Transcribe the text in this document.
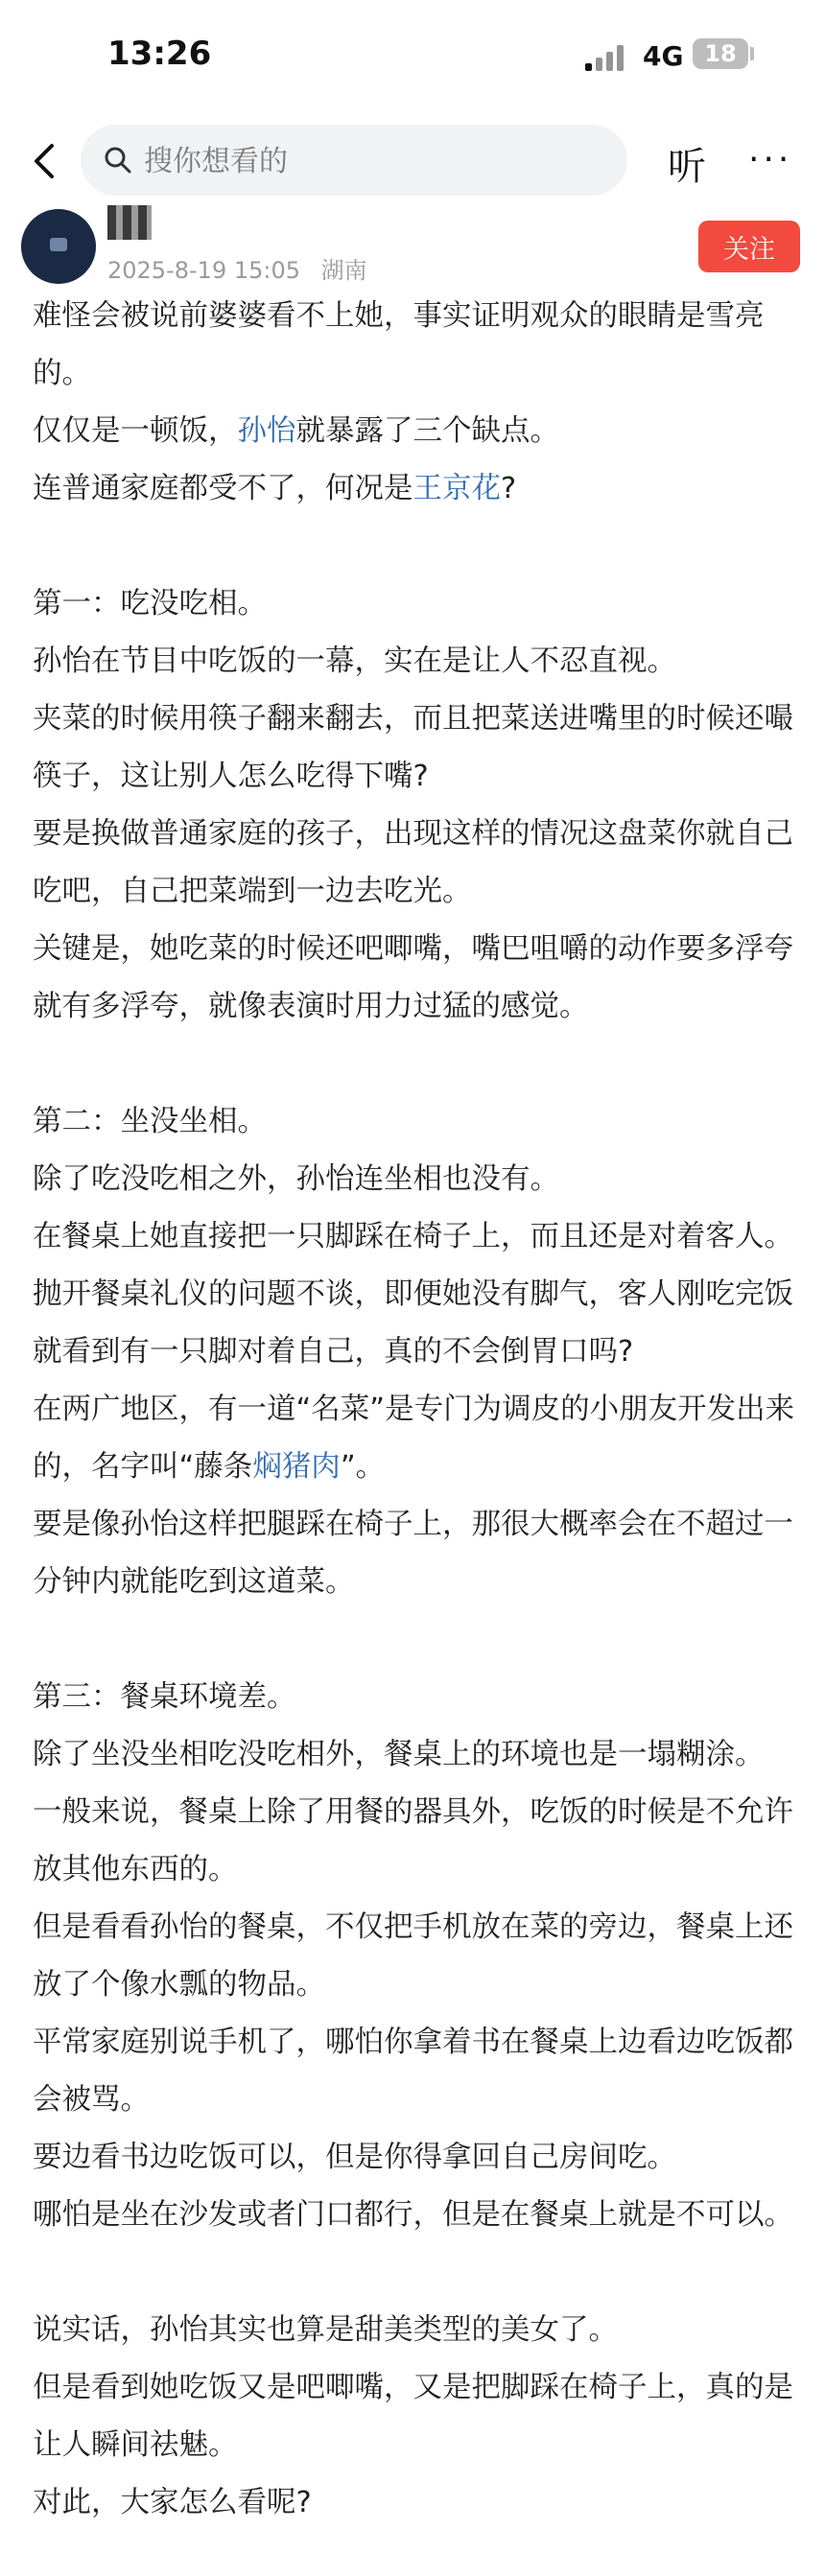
13:26	4G 18
搜你想看的
听 ···
2025-8-19 15:05 湖南
关注

难怪会被说前婆婆看不上她，事实证明观众的眼睛是雪亮的。

仅仅是一顿饭，孙怡就暴露了三个缺点。

连普通家庭都受不了，何况是王京花?

第一：吃没吃相。

孙怡在节目中吃饭的一幕，实在是让人不忍直视。

夹菜的时候用筷子翻来翻去，而且把菜送进嘴里的时候还嘬筷子，这让别人怎么吃得下嘴?

要是换做普通家庭的孩子，出现这样的情况这盘菜你就自己吃吧，自己把菜端到一边去吃光。

关键是，她吃菜的时候还吧唧嘴，嘴巴咀嚼的动作要多浮夸就有多浮夸，就像表演时用力过猛的感觉。

第二：坐没坐相。

除了吃没吃相之外，孙怡连坐相也没有。

在餐桌上她直接把一只脚踩在椅子上，而且还是对着客人。

抛开餐桌礼仪的问题不谈，即便她没有脚气，客人刚吃完饭就看到有一只脚对着自己，真的不会倒胃口吗?

在两广地区，有一道“名菜”是专门为调皮的小朋友开发出来的，名字叫“藤条焖猪肉”。

要是像孙怡这样把腿踩在椅子上，那很大概率会在不超过一分钟内就能吃到这道菜。

第三：餐桌环境差。

除了坐没坐相吃没吃相外，餐桌上的环境也是一塌糊涂。

一般来说，餐桌上除了用餐的器具外，吃饭的时候是不允许放其他东西的。

但是看看孙怡的餐桌，不仅把手机放在菜的旁边，餐桌上还放了个像水瓢的物品。

平常家庭别说手机了，哪怕你拿着书在餐桌上边看边吃饭都会被骂。

要边看书边吃饭可以，但是你得拿回自己房间吃。

哪怕是坐在沙发或者门口都行，但是在餐桌上就是不可以。

说实话，孙怡其实也算是甜美类型的美女了。

但是看到她吃饭又是吧唧嘴，又是把脚踩在椅子上，真的是让人瞬间祛魅。

对此，大家怎么看呢?
